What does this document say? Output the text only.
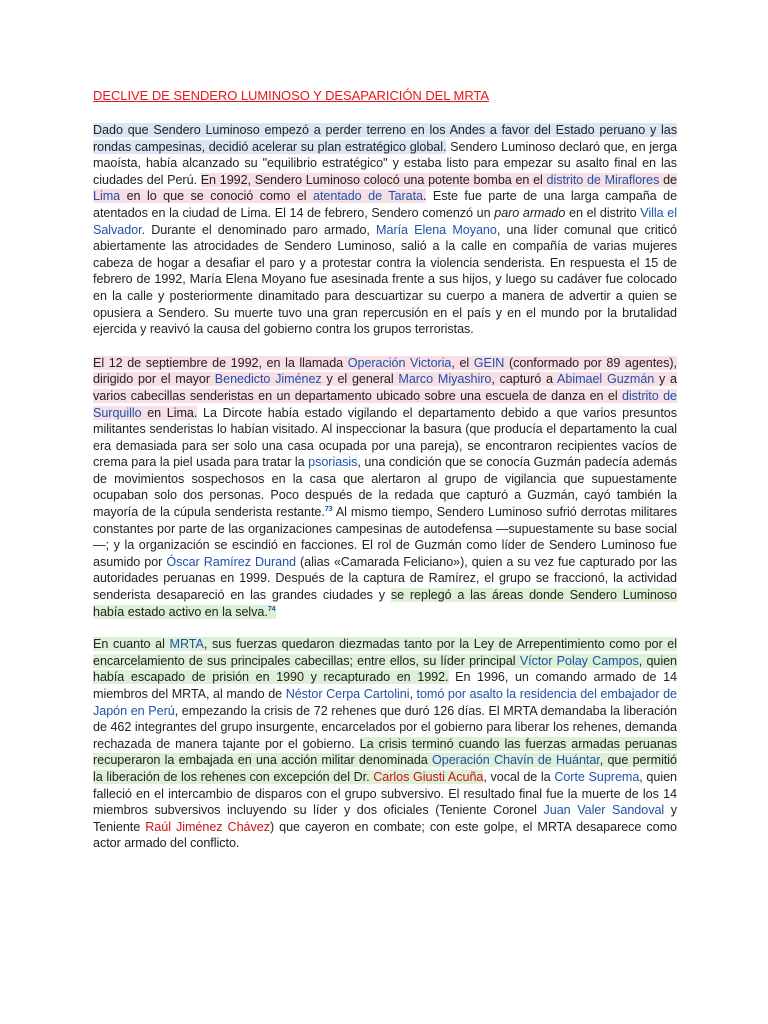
DECLIVE DE SENDERO LUMINOSO Y DESAPARICIÓN DEL MRTA

Dado que Sendero Luminoso empezó a perder terreno en los Andes a favor del Estado peruano y las rondas campesinas, decidió acelerar su plan estratégico global. Sendero Luminoso declaró que, en jerga maoísta, había alcanzado su "equilibrio estratégico" y estaba listo para empezar su asalto final en las ciudades del Perú. En 1992, Sendero Luminoso colocó una potente bomba en el distrito de Miraflores de Lima en lo que se conoció como el atentado de Tarata. Este fue parte de una larga campaña de atentados en la ciudad de Lima. El 14 de febrero, Sendero comenzó un paro armado en el distrito Villa el Salvador. Durante el denominado paro armado, María Elena Moyano, una líder comunal que criticó abiertamente las atrocidades de Sendero Luminoso, salió a la calle en compañía de varias mujeres cabeza de hogar a desafiar el paro y a protestar contra la violencia senderista. En respuesta el 15 de febrero de 1992, María Elena Moyano fue asesinada frente a sus hijos, y luego su cadáver fue colocado en la calle y posteriormente dinamitado para descuartizar su cuerpo a manera de advertir a quien se opusiera a Sendero. Su muerte tuvo una gran repercusión en el país y en el mundo por la brutalidad ejercida y reavivó la causa del gobierno contra los grupos terroristas.

El 12 de septiembre de 1992, en la llamada Operación Victoria, el GEIN (conformado por 89 agentes), dirigido por el mayor Benedicto Jiménez y el general Marco Miyashiro, capturó a Abimael Guzmán y a varios cabecillas senderistas en un departamento ubicado sobre una escuela de danza en el distrito de Surquillo en Lima. La Dircote había estado vigilando el departamento debido a que varios presuntos militantes senderistas lo habían visitado. Al inspeccionar la basura (que producía el departamento la cual era demasiada para ser solo una casa ocupada por una pareja), se encontraron recipientes vacíos de crema para la piel usada para tratar la psoriasis, una condición que se conocía Guzmán padecía además de movimientos sospechosos en la casa que alertaron al grupo de vigilancia que supuestamente ocupaban solo dos personas. Poco después de la redada que capturó a Guzmán, cayó también la mayoría de la cúpula senderista restante.$^{73}$ Al mismo tiempo, Sendero Luminoso sufrió derrotas militares constantes por parte de las organizaciones campesinas de autodefensa —supuestamente su base social—; y la organización se escindió en facciones. El rol de Guzmán como líder de Sendero Luminoso fue asumido por Óscar Ramírez Durand (alias «Camarada Feliciano»), quien a su vez fue capturado por las autoridades peruanas en 1999. Después de la captura de Ramírez, el grupo se fraccionó, la actividad senderista desapareció en las grandes ciudades y se replegó a las áreas donde Sendero Luminoso había estado activo en la selva.$^{74}$

En cuanto al MRTA, sus fuerzas quedaron diezmadas tanto por la Ley de Arrepentimiento como por el encarcelamiento de sus principales cabecillas; entre ellos, su líder principal Víctor Polay Campos, quien había escapado de prisión en 1990 y recapturado en 1992. En 1996, un comando armado de 14 miembros del MRTA, al mando de Néstor Cerpa Cartolini, tomó por asalto la residencia del embajador de Japón en Perú, empezando la crisis de 72 rehenes que duró 126 días. El MRTA demandaba la liberación de 462 integrantes del grupo insurgente, encarcelados por el gobierno para liberar los rehenes, demanda rechazada de manera tajante por el gobierno. La crisis terminó cuando las fuerzas armadas peruanas recuperaron la embajada en una acción militar denominada Operación Chavín de Huántar, que permitió la liberación de los rehenes con excepción del Dr. Carlos Giusti Acuña, vocal de la Corte Suprema, quien falleció en el intercambio de disparos con el grupo subversivo. El resultado final fue la muerte de los 14 miembros subversivos incluyendo su líder y dos oficiales (Teniente Coronel Juan Valer Sandoval y Teniente Raúl Jiménez Chávez) que cayeron en combate; con este golpe, el MRTA desaparece como actor armado del conflicto.
